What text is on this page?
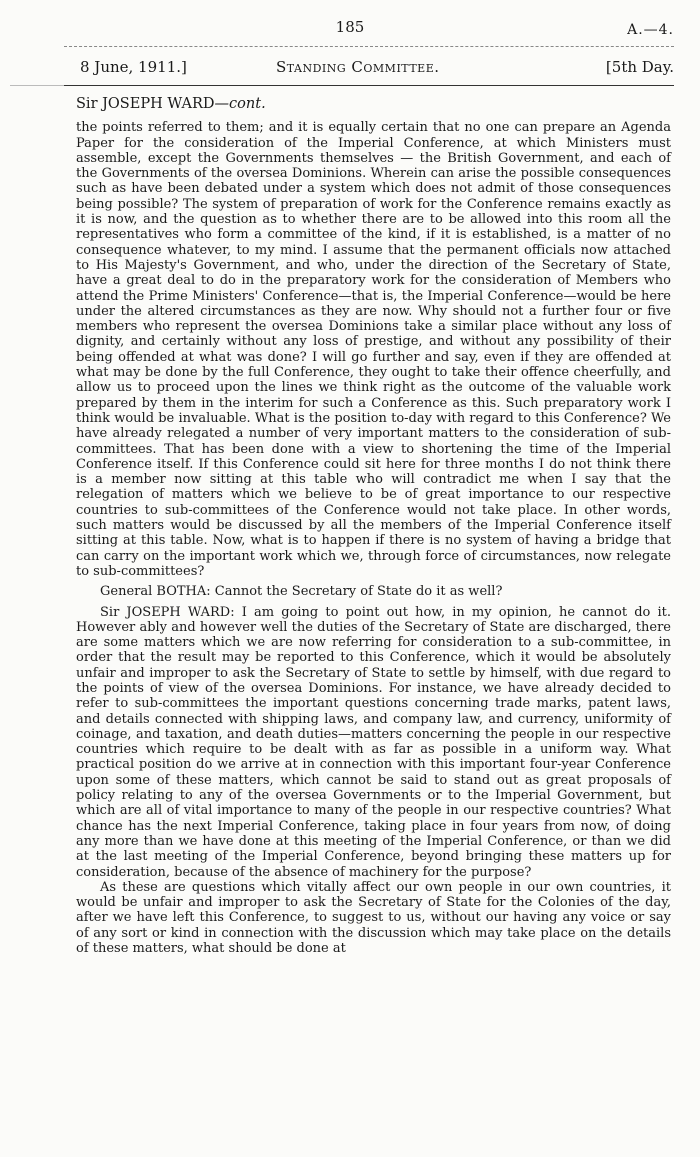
185	A.—4.
8 June, 1911.]	Standing Committee.	[5th Day.

Sir JOSEPH WARD—cont.

the points referred to them; and it is equally certain that no one can prepare an Agenda Paper for the consideration of the Imperial Conference, at which Ministers must assemble, except the Governments themselves — the British Government, and each of the Governments of the oversea Dominions. Wherein can arise the possible consequences such as have been debated under a system which does not admit of those consequences being possible? The system of preparation of work for the Conference remains exactly as it is now, and the question as to whether there are to be allowed into this room all the representatives who form a committee of the kind, if it is established, is a matter of no consequence whatever, to my mind. I assume that the permanent officials now attached to His Majesty's Government, and who, under the direction of the Secretary of State, have a great deal to do in the preparatory work for the consideration of Members who attend the Prime Ministers' Conference—that is, the Imperial Conference—would be here under the altered circumstances as they are now. Why should not a further four or five members who represent the oversea Dominions take a similar place without any loss of dignity, and certainly without any loss of prestige, and without any possibility of their being offended at what was done? I will go further and say, even if they are offended at what may be done by the full Conference, they ought to take their offence cheerfully, and allow us to proceed upon the lines we think right as the outcome of the valuable work prepared by them in the interim for such a Conference as this. Such preparatory work I think would be invaluable. What is the position to-day with regard to this Conference? We have already relegated a number of very important matters to the consideration of sub-committees. That has been done with a view to shortening the time of the Imperial Conference itself. If this Conference could sit here for three months I do not think there is a member now sitting at this table who will contradict me when I say that the relegation of matters which we believe to be of great importance to our respective countries to sub-committees of the Conference would not take place. In other words, such matters would be discussed by all the members of the Imperial Conference itself sitting at this table. Now, what is to happen if there is no system of having a bridge that can carry on the important work which we, through force of circumstances, now relegate to sub-committees?

General BOTHA: Cannot the Secretary of State do it as well?

Sir JOSEPH WARD: I am going to point out how, in my opinion, he cannot do it. However ably and however well the duties of the Secretary of State are discharged, there are some matters which we are now referring for consideration to a sub-committee, in order that the result may be reported to this Conference, which it would be absolutely unfair and improper to ask the Secretary of State to settle by himself, with due regard to the points of view of the oversea Dominions. For instance, we have already decided to refer to sub-committees the important questions concerning trade marks, patent laws, and details connected with shipping laws, and company law, and currency, uniformity of coinage, and taxation, and death duties—matters concerning the people in our respective countries which require to be dealt with as far as possible in a uniform way. What practical position do we arrive at in connection with this important four-year Conference upon some of these matters, which cannot be said to stand out as great proposals of policy relating to any of the oversea Governments or to the Imperial Government, but which are all of vital importance to many of the people in our respective countries? What chance has the next Imperial Conference, taking place in four years from now, of doing any more than we have done at this meeting of the Imperial Conference, or than we did at the last meeting of the Imperial Conference, beyond bringing these matters up for consideration, because of the absence of machinery for the purpose?

As these are questions which vitally affect our own people in our own countries, it would be unfair and improper to ask the Secretary of State for the Colonies of the day, after we have left this Conference, to suggest to us, without our having any voice or say of any sort or kind in connection with the discussion which may take place on the details of these matters, what should be done at
